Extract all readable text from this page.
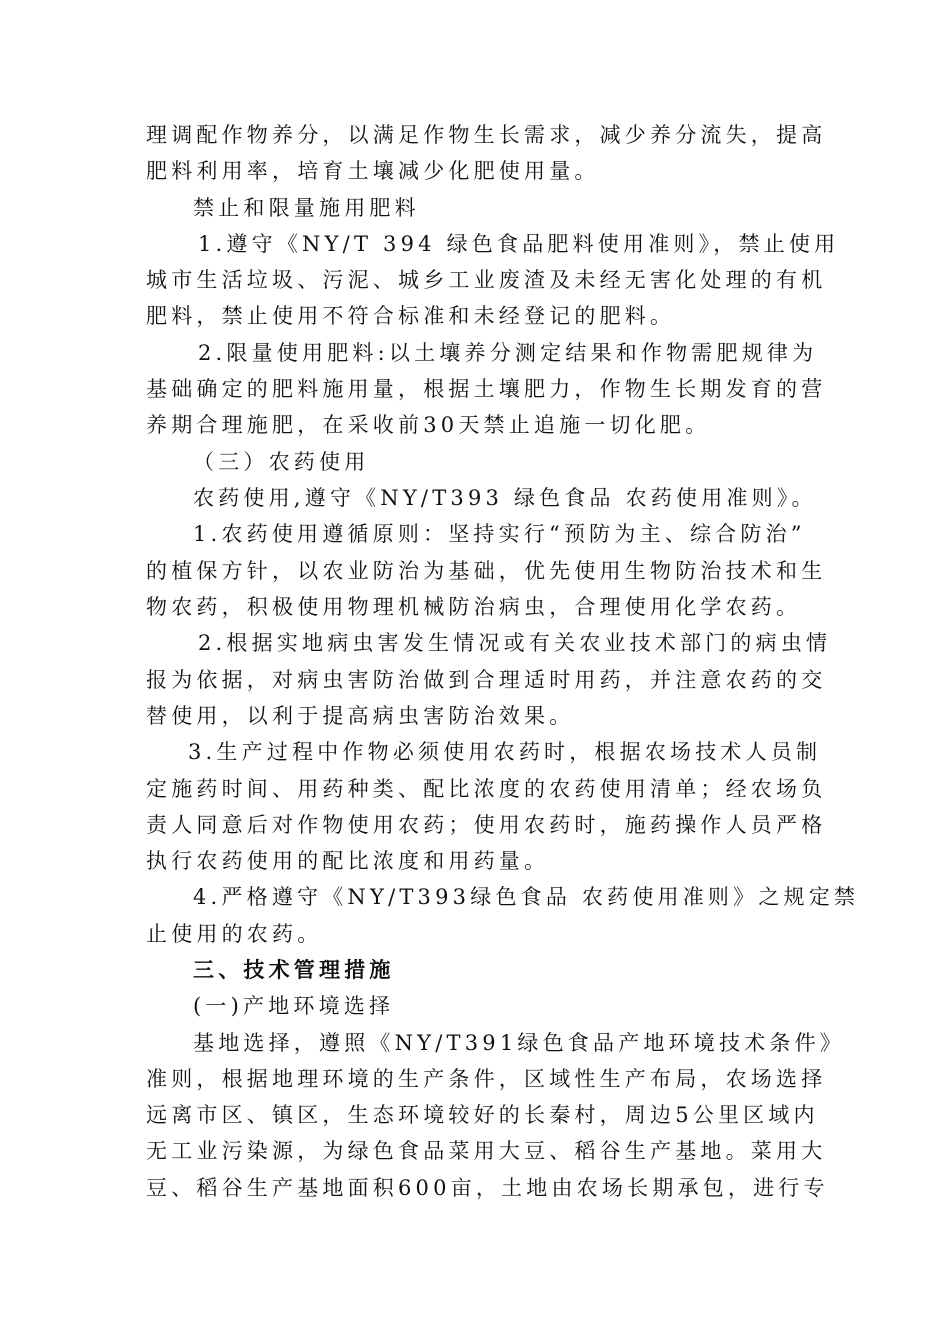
理调配作物养分，以满足作物生长需求，减少养分流失，提高
肥料利用率，培育土壤减少化肥使用量。
禁止和限量施用肥料
1.遵守《NY/T 394 绿色食品肥料使用准则》，禁止使用
城市生活垃圾、污泥、城乡工业废渣及未经无害化处理的有机
肥料，禁止使用不符合标准和未经登记的肥料。
2.限量使用肥料:以土壤养分测定结果和作物需肥规律为
基础确定的肥料施用量，根据土壤肥力，作物生长期发育的营
养期合理施肥，在采收前30天禁止追施一切化肥。
（三）农药使用
农药使用,遵守《NY/T393 绿色食品 农药使用准则》。
1.农药使用遵循原则：坚持实行“预防为主、综合防治”
的植保方针，以农业防治为基础，优先使用生物防治技术和生
物农药，积极使用物理机械防治病虫，合理使用化学农药。
2.根据实地病虫害发生情况或有关农业技术部门的病虫情
报为依据，对病虫害防治做到合理适时用药，并注意农药的交
替使用，以利于提高病虫害防治效果。
3.生产过程中作物必须使用农药时，根据农场技术人员制
定施药时间、用药种类、配比浓度的农药使用清单；经农场负
责人同意后对作物使用农药；使用农药时，施药操作人员严格
执行农药使用的配比浓度和用药量。
4.严格遵守《NY/T393绿色食品 农药使用准则》之规定禁
止使用的农药。
三、技术管理措施
(一)产地环境选择
基地选择，遵照《NY/T391绿色食品产地环境技术条件》
准则，根据地理环境的生产条件，区域性生产布局，农场选择
远离市区、镇区，生态环境较好的长秦村，周边5公里区域内
无工业污染源，为绿色食品菜用大豆、稻谷生产基地。菜用大
豆、稻谷生产基地面积600亩，土地由农场长期承包，进行专
